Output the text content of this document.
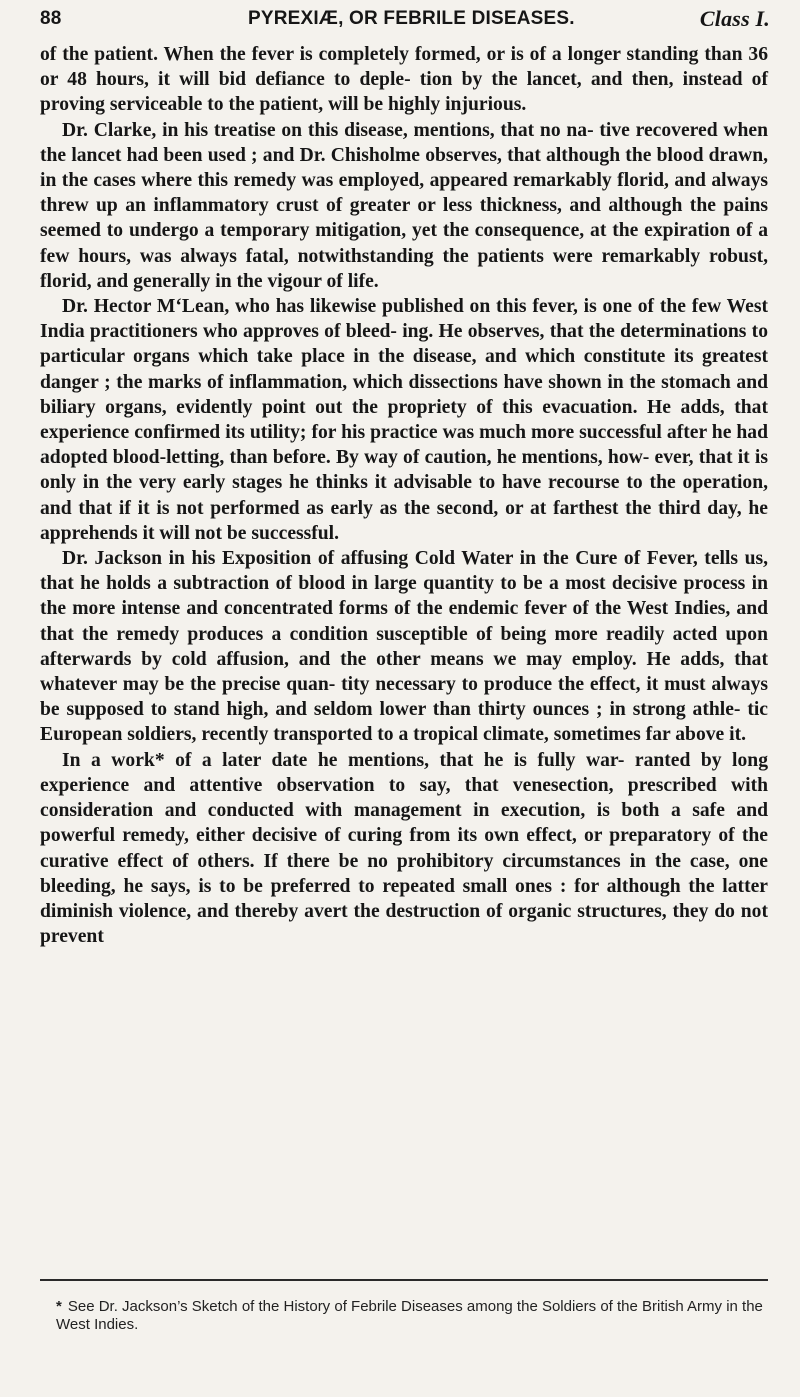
88	PYREXIÆ, OR FEBRILE DISEASES.	Class I.

of the patient. When the fever is completely formed, or is of a longer standing than 36 or 48 hours, it will bid defiance to deple- tion by the lancet, and then, instead of proving serviceable to the patient, will be highly injurious.

Dr. Clarke, in his treatise on this disease, mentions, that no na- tive recovered when the lancet had been used ; and Dr. Chisholme observes, that although the blood drawn, in the cases where this remedy was employed, appeared remarkably florid, and always threw up an inflammatory crust of greater or less thickness, and although the pains seemed to undergo a temporary mitigation, yet the consequence, at the expiration of a few hours, was always fatal, notwithstanding the patients were remarkably robust, florid, and generally in the vigour of life.

Dr. Hector M‘Lean, who has likewise published on this fever, is one of the few West India practitioners who approves of bleed- ing. He observes, that the determinations to particular organs which take place in the disease, and which constitute its greatest danger ; the marks of inflammation, which dissections have shown in the stomach and biliary organs, evidently point out the propriety of this evacuation. He adds, that experience confirmed its utility; for his practice was much more successful after he had adopted blood-letting, than before. By way of caution, he mentions, how- ever, that it is only in the very early stages he thinks it advisable to have recourse to the operation, and that if it is not performed as early as the second, or at farthest the third day, he apprehends it will not be successful.

Dr. Jackson in his Exposition of affusing Cold Water in the Cure of Fever, tells us, that he holds a subtraction of blood in large quantity to be a most decisive process in the more intense and concentrated forms of the endemic fever of the West Indies, and that the remedy produces a condition susceptible of being more readily acted upon afterwards by cold affusion, and the other means we may employ. He adds, that whatever may be the precise quan- tity necessary to produce the effect, it must always be supposed to stand high, and seldom lower than thirty ounces ; in strong athle- tic European soldiers, recently transported to a tropical climate, sometimes far above it.

In a work* of a later date he mentions, that he is fully war- ranted by long experience and attentive observation to say, that venesection, prescribed with consideration and conducted with management in execution, is both a safe and powerful remedy, either decisive of curing from its own effect, or preparatory of the curative effect of others. If there be no prohibitory circumstances in the case, one bleeding, he says, is to be preferred to repeated small ones : for although the latter diminish violence, and thereby avert the destruction of organic structures, they do not prevent

* See Dr. Jackson’s Sketch of the History of Febrile Diseases among the Soldiers of the British Army in the West Indies.
